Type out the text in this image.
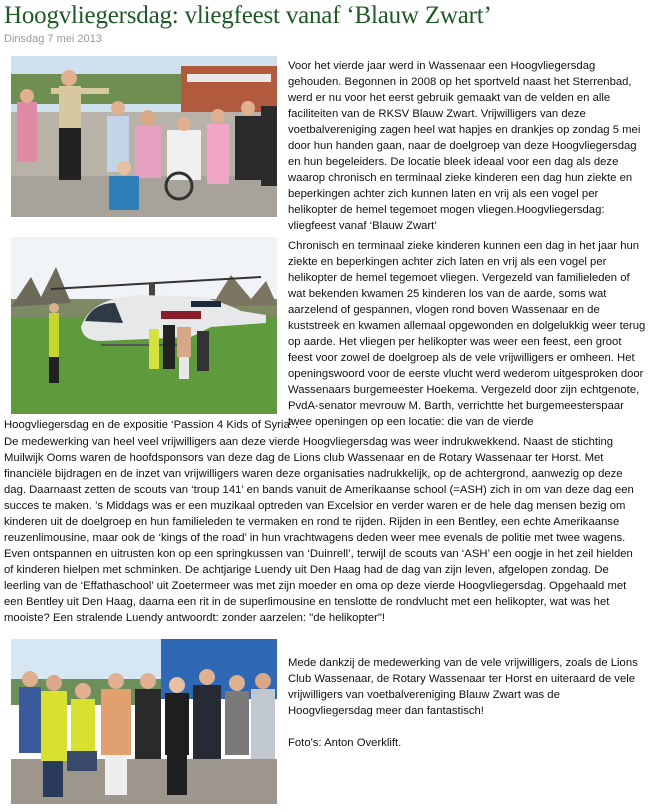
Hoogvliegersdag: vliegfeest vanaf ‘Blauw Zwart’
Dinsdag 7 mei 2013

Voor het vierde jaar werd in Wassenaar een Hoogvliegersdag gehouden. Begonnen in 2008 op het sportveld naast het Sterrenbad, werd er nu voor het eerst gebruik gemaakt van de velden en alle faciliteiten van de RKSV Blauw Zwart. Vrijwilligers van deze voetbalvereniging zagen heel wat hapjes en drankjes op zondag 5 mei door hun handen gaan, naar de doelgroep van deze Hoogvliegersdag en hun begeleiders. De locatie bleek ideaal voor een dag als deze waarop chronisch en terminaal zieke kinderen een dag hun ziekte en beperkingen achter zich kunnen laten en vrij als een vogel per helikopter de hemel tegemoet mogen vliegen.Hoogvliegersdag: vliegfeest vanaf ‘Blauw Zwart’

Chronisch en terminaal zieke kinderen kunnen een dag in het jaar hun ziekte en beperkingen achter zich laten en vrij als een vogel per helikopter de hemel tegemoet vliegen. Vergezeld van familieleden of wat bekenden kwamen 25 kinderen los van de aarde, soms wat aarzelend of gespannen, vlogen rond boven Wassenaar en de kuststreek en kwamen allemaal opgewonden en dolgelukkig weer terug op aarde. Het vliegen per helikopter was weer een feest, een groot feest voor zowel de doelgroep als de vele vrijwilligers er omheen. Het openingswoord voor de eerste vlucht werd wederom uitgesproken door Wassenaars burgemeester Hoekema. Vergezeld door zijn echtgenote, PvdA-senator mevrouw M. Barth, verrichtte het burgemeesterspaar twee openingen op een locatie: die van de vierde

Hoogvliegersdag en de expositie ‘Passion 4 Kids of Syria’ .

De medewerking van heel veel vrijwilligers aan deze vierde Hoogvliegersdag was weer indrukwekkend. Naast de stichting Muilwijk Ooms waren de hoofdsponsors van deze dag de Lions club Wassenaar en de Rotary Wassenaar ter Horst. Met financiële bijdragen en de inzet van vrijwilligers waren deze organisaties nadrukkelijk, op de achtergrond, aanwezig op deze dag. Daarnaast zetten de scouts van ‘troup 141’ en bands vanuit de Amerikaanse school (=ASH) zich in om van deze dag een succes te maken. ’s Middags was er een muzikaal optreden van Excelsior en verder waren er de hele dag mensen bezig om kinderen uit de doelgroep en hun familieleden te vermaken en rond te rijden. Rijden in een Bentley, een echte Amerikaanse reuzenlimousine, maar ook de ‘kings of the road’ in hun vrachtwagens deden weer mee evenals de politie met twee wagens. Even ontspannen en uitrusten kon op een springkussen van ‘Duinrell’, terwijl de scouts van ‘ASH’ een oogje in het zeil hielden of kinderen hielpen met schminken. De achtjarige Luendy uit Den Haag had de dag van zijn leven, afgelopen zondag. De leerling van de ‘Effathaschool’ uit Zoetermeer was met zijn moeder en oma op deze vierde Hoogvliegersdag. Opgehaald met een Bentley uit Den Haag, daarna een rit in de superlimousine en tenslotte de rondvlucht met een helikopter, wat was het mooiste? Een stralende Luendy antwoordt: zonder aarzelen: "de helikopter"!

Mede dankzij de medewerking van de vele vrijwilligers, zoals de Lions Club Wassenaar, de Rotary Wassenaar ter Horst en uiteraard de vele vrijwilligers van voetbalvereniging Blauw Zwart was de Hoogvliegersdag meer dan fantastisch!

Foto's: Anton Overklift.
